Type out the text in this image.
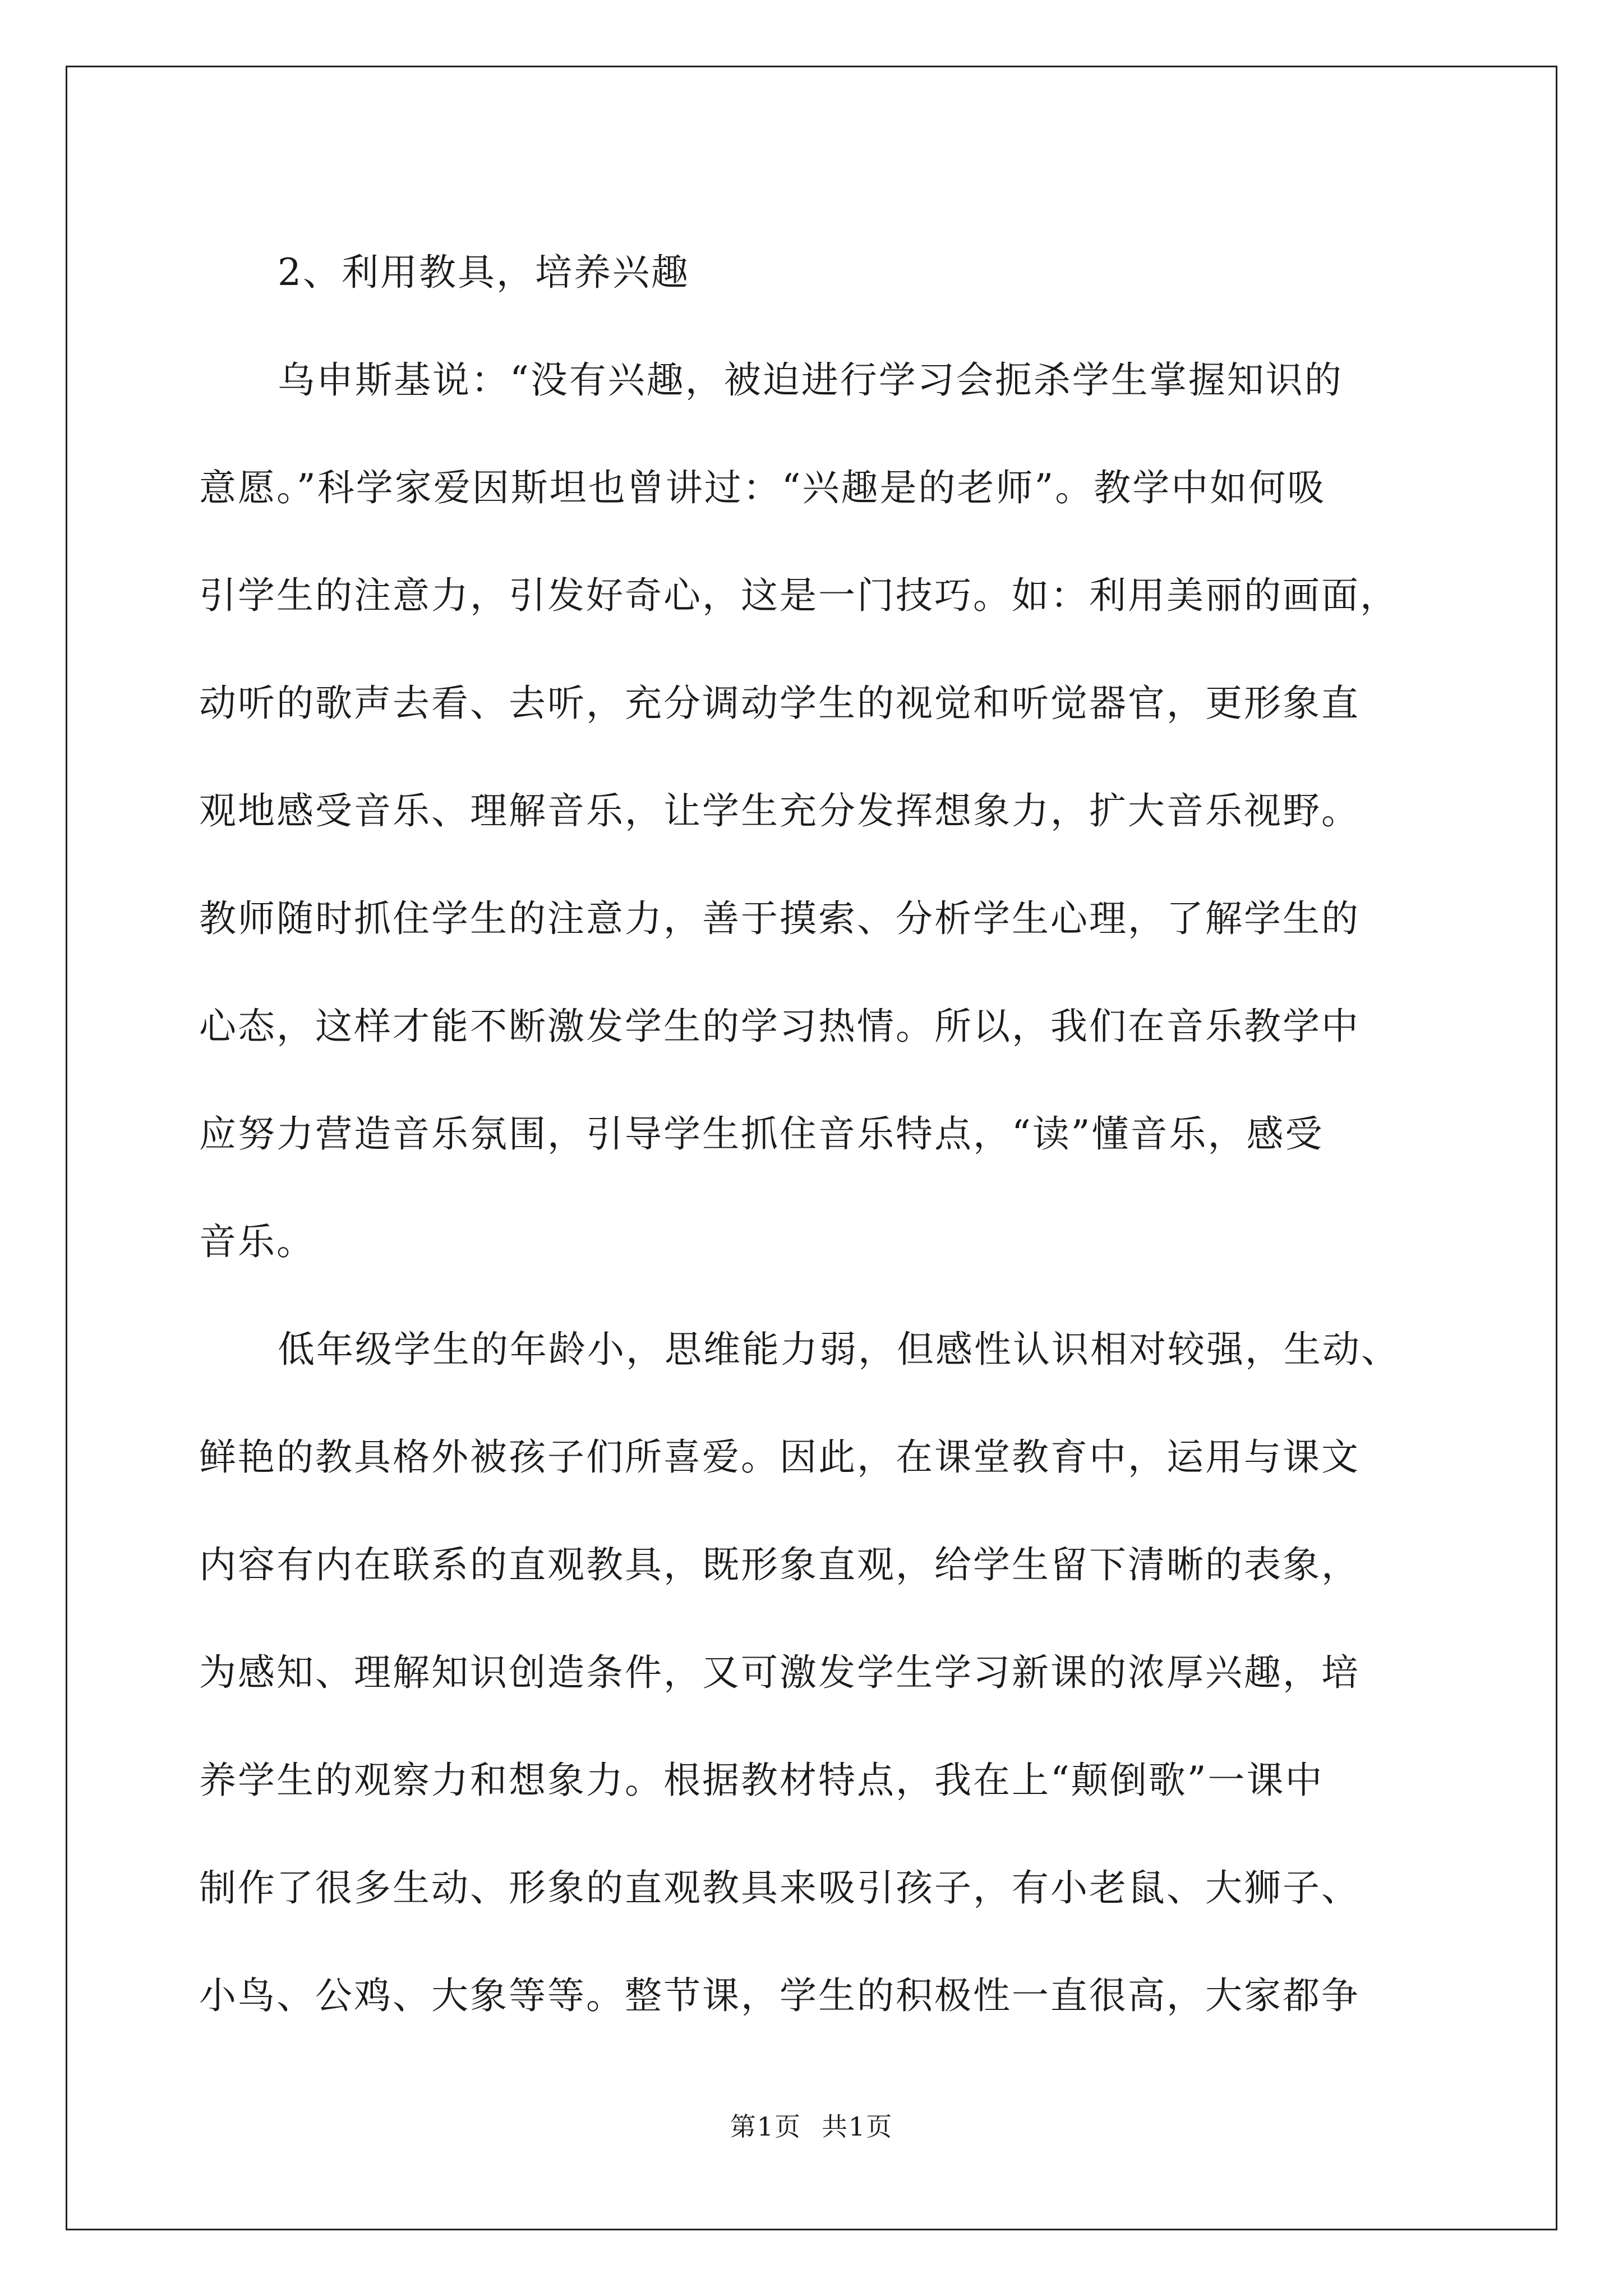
2、利用教具，培养兴趣
乌申斯基说：“没有兴趣，被迫进行学习会扼杀学生掌握知识的
意愿。”科学家爱因斯坦也曾讲过：“兴趣是的老师”。教学中如何吸
引学生的注意力，引发好奇心，这是一门技巧。如：利用美丽的画面，
动听的歌声去看、去听，充分调动学生的视觉和听觉器官，更形象直
观地感受音乐、理解音乐，让学生充分发挥想象力，扩大音乐视野。
教师随时抓住学生的注意力，善于摸索、分析学生心理，了解学生的
心态，这样才能不断激发学生的学习热情。所以，我们在音乐教学中
应努力营造音乐氛围，引导学生抓住音乐特点，“读”懂音乐，感受
音乐。
低年级学生的年龄小，思维能力弱，但感性认识相对较强，生动、
鲜艳的教具格外被孩子们所喜爱。因此，在课堂教育中，运用与课文
内容有内在联系的直观教具，既形象直观，给学生留下清晰的表象，
为感知、理解知识创造条件，又可激发学生学习新课的浓厚兴趣，培
养学生的观察力和想象力。根据教材特点，我在上“颠倒歌”一课中
制作了很多生动、形象的直观教具来吸引孩子，有小老鼠、大狮子、
小鸟、公鸡、大象等等。整节课，学生的积极性一直很高，大家都争
第1页 共1页
